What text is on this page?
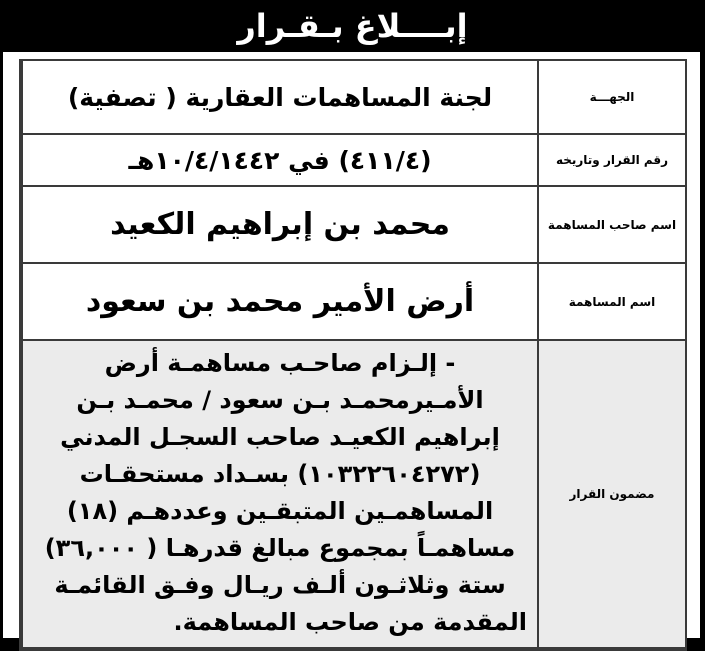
إبــــلاغ بـقـرار
الجهـــة	لجنة المساهمات العقارية ( تصفية)
رقم القرار وتاريخه	(٤١١/٤) في ١٠/٤/١٤٤٢هـ
اسم صاحب المساهمة	محمد بن إبراهيم الكعيد
اسم المساهمة	أرض الأمير محمد بن سعود
مضمون القرار	- إلـزام صاحـب مساهمـة أرض الأمـيرمحمـد بـن سعود / محمـد بـن إبراهيم الكعيـد صاحب السجـل المدني (١٠٣٢٢٦٠٤٢٧٢) بسـداد مستحقـات المساهمـين المتبقـين وعددهـم (١٨) مساهمـاً بمجموع مبالغ قدرهـا ( ٣٦,٠٠٠) ستة وثلاثـون ألـف ريـال وفـق القائمـة المقدمة من صاحب المساهمة.
